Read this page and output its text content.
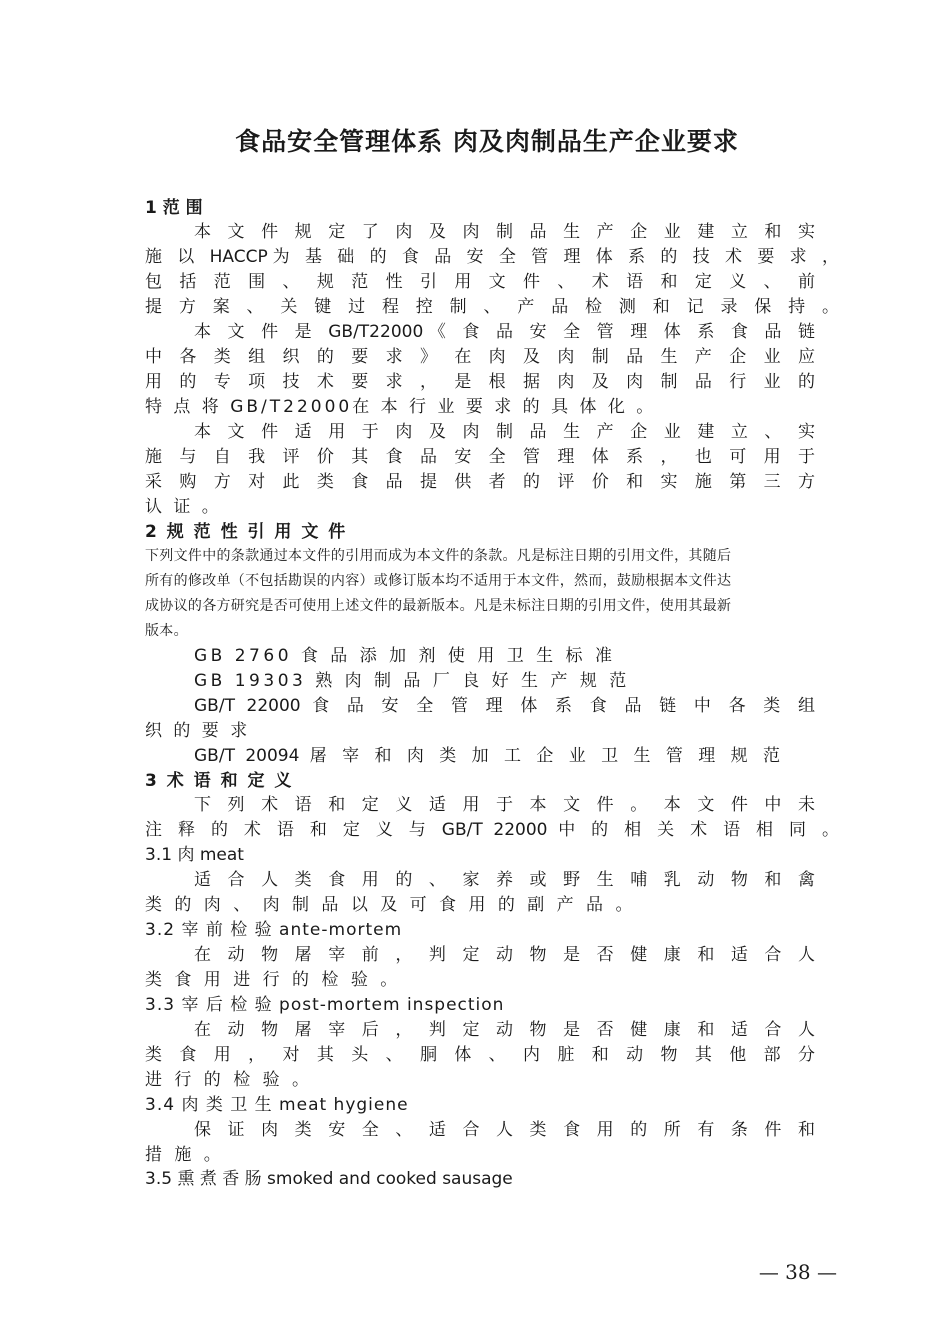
食品安全管理体系 肉及肉制品生产企业要求
1 范 围
本 文 件 规 定 了 肉 及 肉 制 品 生 产 企 业 建 立 和 实
施 以 HACCP为 基 础 的 食 品 安 全 管 理 体 系 的 技 术 要 求 ，
包 括 范 围 、 规 范 性 引 用 文 件 、 术 语 和 定 义 、 前
提 方 案 、 关 键 过 程 控 制 、 产 品 检 测 和 记 录 保 持 。
本 文 件 是 GB/T22000《 食 品 安 全 管 理 体 系 食 品 链
中 各 类 组 织 的 要 求 》 在 肉 及 肉 制 品 生 产 企 业 应
用 的 专 项 技 术 要 求 ， 是 根 据 肉 及 肉 制 品 行 业 的
特 点 将 GB/T22000在 本 行 业 要 求 的 具 体 化 。
本 文 件 适 用 于 肉 及 肉 制 品 生 产 企 业 建 立 、 实
施 与 自 我 评 价 其 食 品 安 全 管 理 体 系 ， 也 可 用 于
采 购 方 对 此 类 食 品 提 供 者 的 评 价 和 实 施 第 三 方
认 证 。
2 规 范 性 引 用 文 件
下列文件中的条款通过本文件的引用而成为本文件的条款。凡是标注日期的引用文件，其随后
所有的修改单（不包括勘误的内容）或修订版本均不适用于本文件，然而，鼓励根据本文件达
成协议的各方研究是否可使用上述文件的最新版本。凡是未标注日期的引用文件，使用其最新
版本。
GB 2760 食 品 添 加 剂 使 用 卫 生 标 准
GB 19303 熟 肉 制 品 厂 良 好 生 产 规 范
GB/T 22000 食 品 安 全 管 理 体 系 食 品 链 中 各 类 组
织 的 要 求
GB/T 20094 屠 宰 和 肉 类 加 工 企 业 卫 生 管 理 规 范
3 术 语 和 定 义
下 列 术 语 和 定 义 适 用 于 本 文 件 。 本 文 件 中 未
注 释 的 术 语 和 定 义 与 GB/T 22000 中 的 相 关 术 语 相 同 。
3.1 肉 meat
适 合 人 类 食 用 的 、 家 养 或 野 生 哺 乳 动 物 和 禽
类 的 肉 、 肉 制 品 以 及 可 食 用 的 副 产 品 。
3.2 宰 前 检 验 ante-mortem
在 动 物 屠 宰 前 ， 判 定 动 物 是 否 健 康 和 适 合 人
类 食 用 进 行 的 检 验 。
3.3 宰 后 检 验 post-mortem inspection
在 动 物 屠 宰 后 ， 判 定 动 物 是 否 健 康 和 适 合 人
类 食 用 ， 对 其 头 、 胴 体 、 内 脏 和 动 物 其 他 部 分
进 行 的 检 验 。
3.4 肉 类 卫 生 meat hygiene
保 证 肉 类 安 全 、 适 合 人 类 食 用 的 所 有 条 件 和
措 施 。
3.5 熏 煮 香 肠 smoked and cooked sausage
— 38 —
